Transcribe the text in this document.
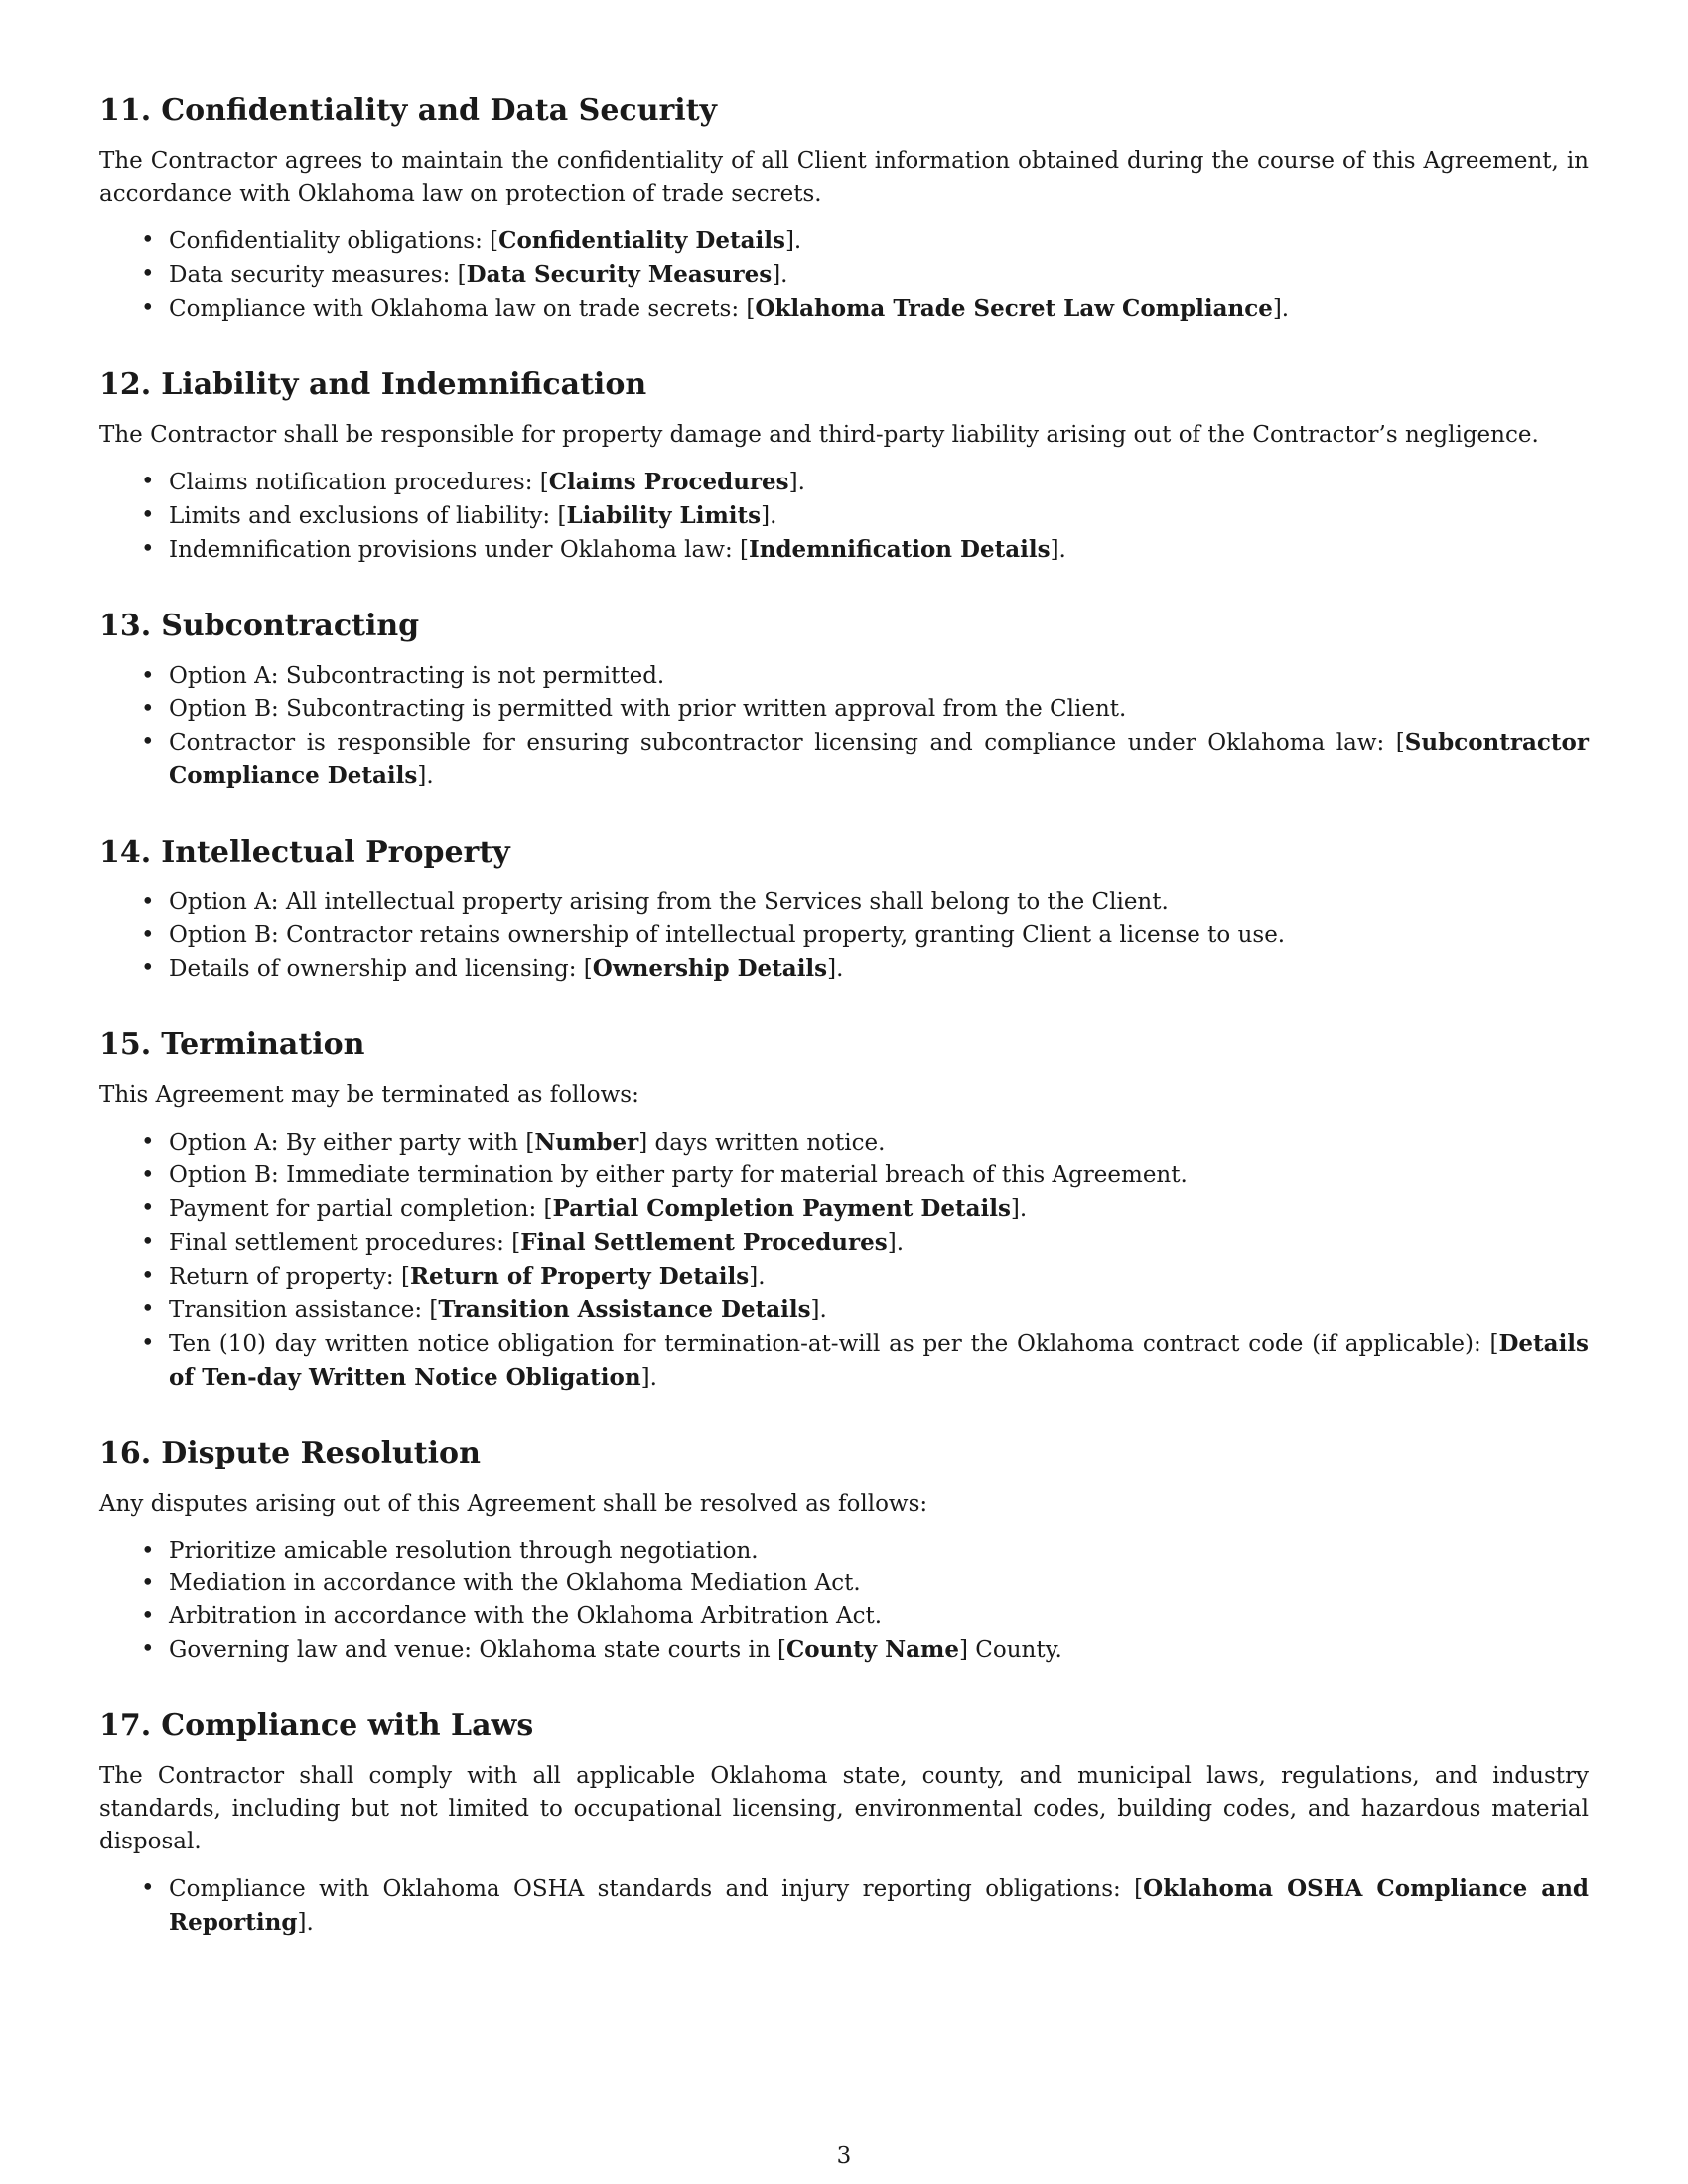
11. Confidentiality and Data Security

The Contractor agrees to maintain the confidentiality of all Client information obtained during the course of this Agreement, in accordance with Oklahoma law on protection of trade secrets.

• Confidentiality obligations: [Confidentiality Details].
• Data security measures: [Data Security Measures].
• Compliance with Oklahoma law on trade secrets: [Oklahoma Trade Secret Law Compliance].
12. Liability and Indemnification

The Contractor shall be responsible for property damage and third-party liability arising out of the Contractor’s negligence.

• Claims notification procedures: [Claims Procedures].
• Limits and exclusions of liability: [Liability Limits].
• Indemnification provisions under Oklahoma law: [Indemnification Details].
13. Subcontracting
• Option A: Subcontracting is not permitted.
• Option B: Subcontracting is permitted with prior written approval from the Client.
• Contractor is responsible for ensuring subcontractor licensing and compliance under Oklahoma law: [Subcontractor Compliance Details].
14. Intellectual Property
• Option A: All intellectual property arising from the Services shall belong to the Client.
• Option B: Contractor retains ownership of intellectual property, granting Client a license to use.
• Details of ownership and licensing: [Ownership Details].
15. Termination

This Agreement may be terminated as follows:

• Option A: By either party with [Number] days written notice.
• Option B: Immediate termination by either party for material breach of this Agreement.
• Payment for partial completion: [Partial Completion Payment Details].
• Final settlement procedures: [Final Settlement Procedures].
• Return of property: [Return of Property Details].
• Transition assistance: [Transition Assistance Details].
• Ten (10) day written notice obligation for termination-at-will as per the Oklahoma contract code (if applicable): [Details of Ten-day Written Notice Obligation].
16. Dispute Resolution

Any disputes arising out of this Agreement shall be resolved as follows:

• Prioritize amicable resolution through negotiation.
• Mediation in accordance with the Oklahoma Mediation Act.
• Arbitration in accordance with the Oklahoma Arbitration Act.
• Governing law and venue: Oklahoma state courts in [County Name] County.
17. Compliance with Laws

The Contractor shall comply with all applicable Oklahoma state, county, and municipal laws, regulations, and industry standards, including but not limited to occupational licensing, environmental codes, building codes, and hazardous material disposal.

• Compliance with Oklahoma OSHA standards and injury reporting obligations: [Oklahoma OSHA Compliance and Reporting].
3
